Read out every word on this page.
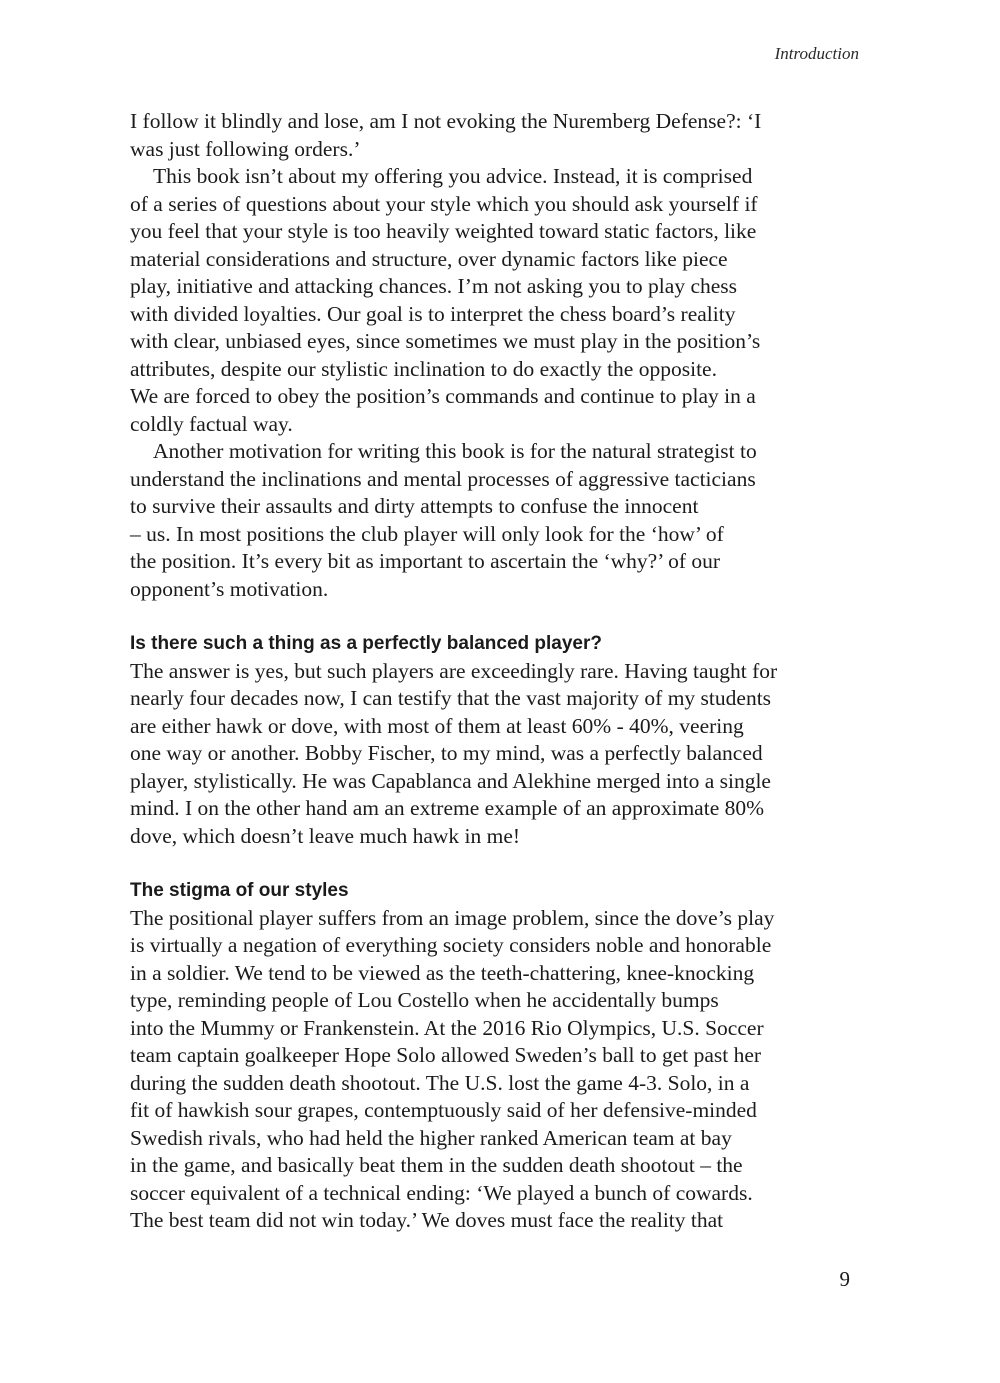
Introduction
I follow it blindly and lose, am I not evoking the Nuremberg Defense?: ‘I
was just following orders.’
This book isn’t about my offering you advice. Instead, it is comprised
of a series of questions about your style which you should ask yourself if
you feel that your style is too heavily weighted toward static factors, like
material considerations and structure, over dynamic factors like piece
play, initiative and attacking chances. I’m not asking you to play chess
with divided loyalties. Our goal is to interpret the chess board’s reality
with clear, unbiased eyes, since sometimes we must play in the position’s
attributes, despite our stylistic inclination to do exactly the opposite.
We are forced to obey the position’s commands and continue to play in a
coldly factual way.
Another motivation for writing this book is for the natural strategist to
understand the inclinations and mental processes of aggressive tacticians
to survive their assaults and dirty attempts to confuse the innocent
– us. In most positions the club player will only look for the ‘how’ of
the position. It’s every bit as important to ascertain the ‘why?’ of our
opponent’s motivation.
Is there such a thing as a perfectly balanced player?
The answer is yes, but such players are exceedingly rare. Having taught for
nearly four decades now, I can testify that the vast majority of my students
are either hawk or dove, with most of them at least 60% - 40%, veering
one way or another. Bobby Fischer, to my mind, was a perfectly balanced
player, stylistically. He was Capablanca and Alekhine merged into a single
mind. I on the other hand am an extreme example of an approximate 80%
dove, which doesn’t leave much hawk in me!
The stigma of our styles
The positional player suffers from an image problem, since the dove’s play
is virtually a negation of everything society considers noble and honorable
in a soldier. We tend to be viewed as the teeth-chattering, knee-knocking
type, reminding people of Lou Costello when he accidentally bumps
into the Mummy or Frankenstein. At the 2016 Rio Olympics, U.S. Soccer
team captain goalkeeper Hope Solo allowed Sweden’s ball to get past her
during the sudden death shootout. The U.S. lost the game 4-3. Solo, in a
fit of hawkish sour grapes, contemptuously said of her defensive-minded
Swedish rivals, who had held the higher ranked American team at bay
in the game, and basically beat them in the sudden death shootout – the
soccer equivalent of a technical ending: ‘We played a bunch of cowards.
The best team did not win today.’ We doves must face the reality that
9
